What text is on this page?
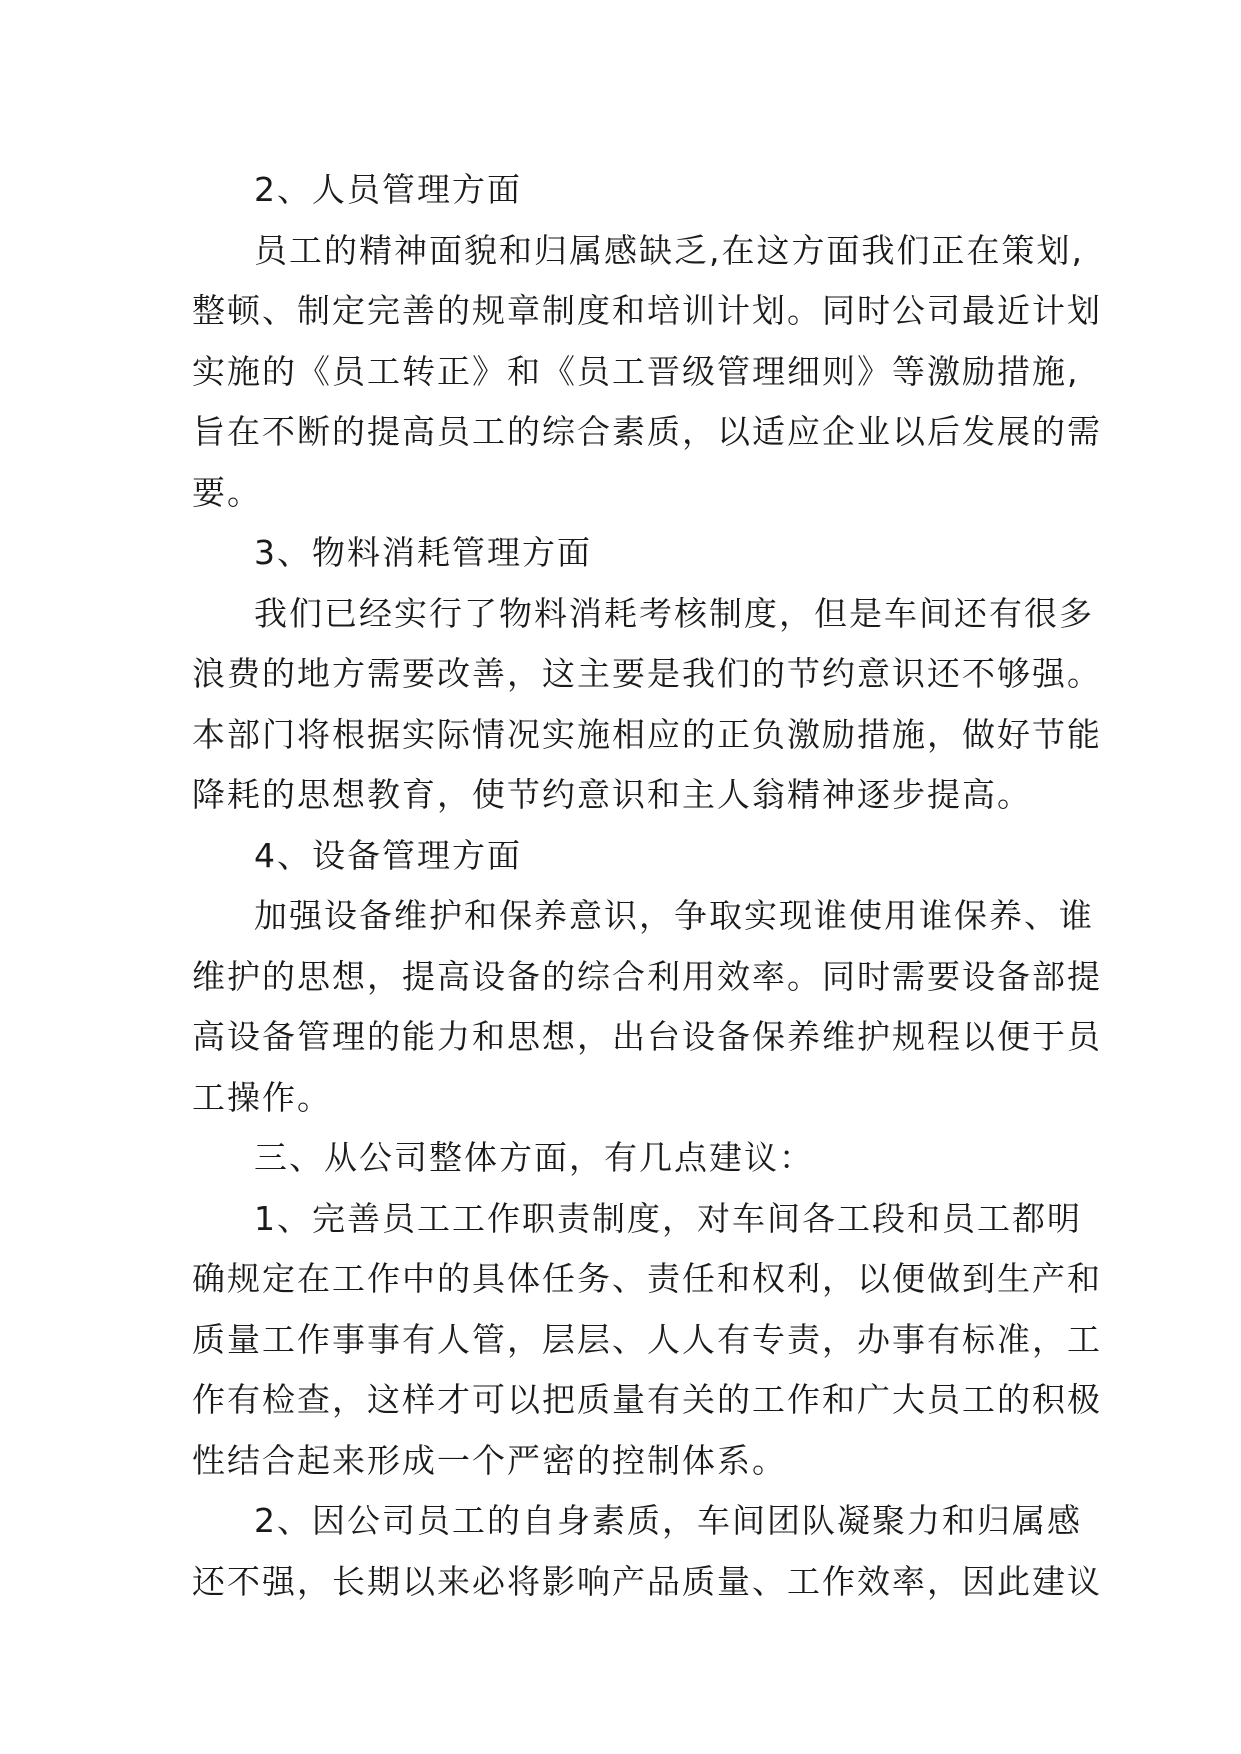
2、人员管理方面
员工的精神面貌和归属感缺乏,在这方面我们正在策划,
整顿、制定完善的规章制度和培训计划。同时公司最近计划
实施的《员工转正》和《员工晋级管理细则》等激励措施,
旨在不断的提高员工的综合素质，以适应企业以后发展的需
要。
3、物料消耗管理方面
我们已经实行了物料消耗考核制度，但是车间还有很多
浪费的地方需要改善，这主要是我们的节约意识还不够强。
本部门将根据实际情况实施相应的正负激励措施，做好节能
降耗的思想教育，使节约意识和主人翁精神逐步提高。
4、设备管理方面
加强设备维护和保养意识，争取实现谁使用谁保养、谁
维护的思想，提高设备的综合利用效率。同时需要设备部提
高设备管理的能力和思想，出台设备保养维护规程以便于员
工操作。
三、从公司整体方面，有几点建议：
1、完善员工工作职责制度，对车间各工段和员工都明
确规定在工作中的具体任务、责任和权利，以便做到生产和
质量工作事事有人管，层层、人人有专责，办事有标准，工
作有检查，这样才可以把质量有关的工作和广大员工的积极
性结合起来形成一个严密的控制体系。
2、因公司员工的自身素质，车间团队凝聚力和归属感
还不强，长期以来必将影响产品质量、工作效率，因此建议
